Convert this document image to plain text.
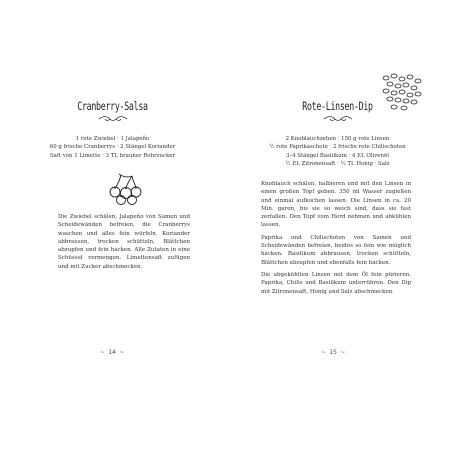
Cranberry-Salsa
1 rote Zwiebel · 1 Jalapeño
60 g frische Cranberrys · 2 Stängel Koriander
Saft von 1 Limette · 3 TL brauner Rohrzucker

Die Zwiebel schälen, Jalapeño von Samen und Scheidewänden befreien, die Cranberrys waschen und alles fein würfeln. Koriander abbrausen, trocken schütteln, Blättchen abzupfen und fein hacken. Alle Zutaten in eine Schüssel vermengen. Limettensaft zufügen und mit Zucker abschmecken.

~ 14 ~
Rote-Linsen-Dip
2 Knoblauchzehen · 150 g rote Linsen
½ rote Paprikaschote · 2 frische rote Chilischoten
3–4 Stängel Basilikum · 4 EL Olivenöl
½ EL Zitronensaft · ½ TL Honig · Salz

Knoblauch schälen, halbieren und mit den Linsen in einen großen Topf geben. 350 ml Wasser zugießen und einmal aufkochen lassen. Die Linsen in ca. 20 Min. garen, bis sie so weich sind, dass sie fast zerfallen. Den Topf vom Herd nehmen und abkühlen lassen.

Paprika und Chilischoten von Samen und Scheidewänden befreien, beides so fein wie möglich hacken. Basilikum abbrausen, trocken schütteln, Blättchen abzupfen und ebenfalls fein hacken.

Die abgekühlten Linsen mit dem Öl fein pürieren. Paprika, Chilis und Basilikum unterrühren. Den Dip mit Zitronensaft, Honig und Salz abschmecken.

~ 15 ~
